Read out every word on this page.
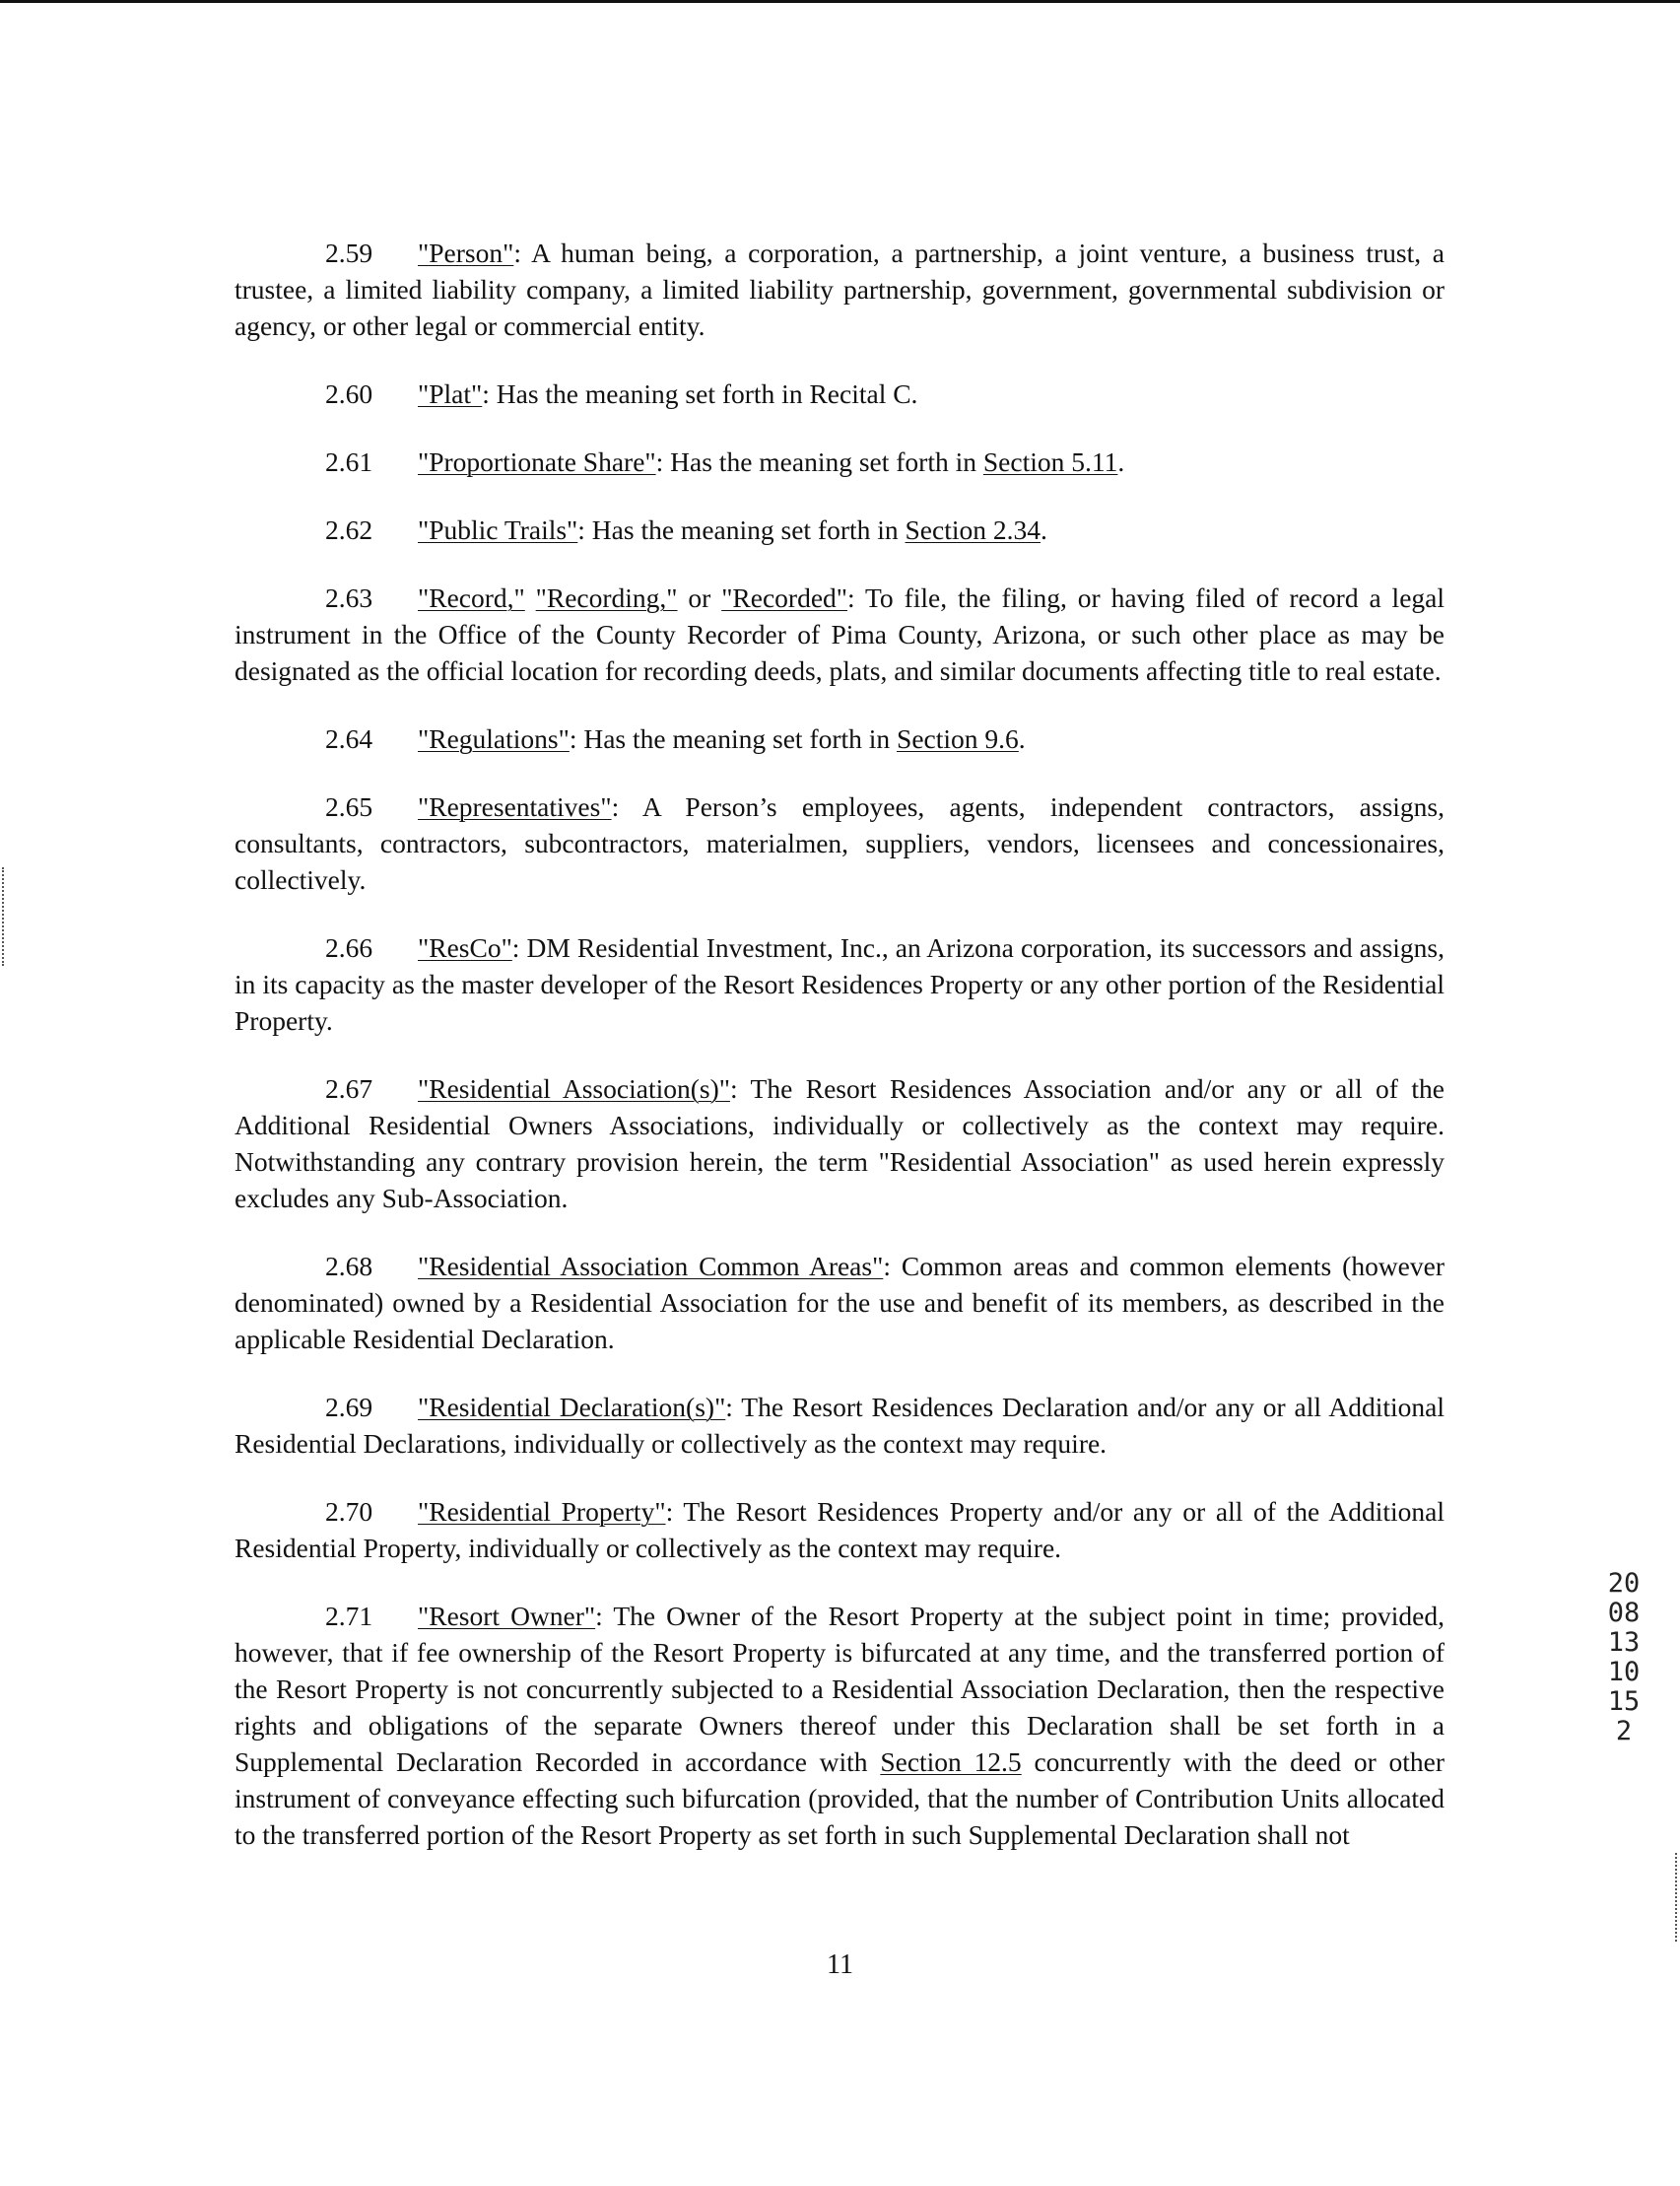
2.59 "Person": A human being, a corporation, a partnership, a joint venture, a business trust, a trustee, a limited liability company, a limited liability partnership, government, governmental subdivision or agency, or other legal or commercial entity.

2.60 "Plat": Has the meaning set forth in Recital C.

2.61 "Proportionate Share": Has the meaning set forth in Section 5.11.

2.62 "Public Trails": Has the meaning set forth in Section 2.34.

2.63 "Record," "Recording," or "Recorded": To file, the filing, or having filed of record a legal instrument in the Office of the County Recorder of Pima County, Arizona, or such other place as may be designated as the official location for recording deeds, plats, and similar documents affecting title to real estate.

2.64 "Regulations": Has the meaning set forth in Section 9.6.

2.65 "Representatives": A Person’s employees, agents, independent contractors, assigns, consultants, contractors, subcontractors, materialmen, suppliers, vendors, licensees and concessionaires, collectively.

2.66 "ResCo": DM Residential Investment, Inc., an Arizona corporation, its successors and assigns, in its capacity as the master developer of the Resort Residences Property or any other portion of the Residential Property.

2.67 "Residential Association(s)": The Resort Residences Association and/or any or all of the Additional Residential Owners Associations, individually or collectively as the context may require. Notwithstanding any contrary provision herein, the term "Residential Association" as used herein expressly excludes any Sub-Association.

2.68 "Residential Association Common Areas": Common areas and common elements (however denominated) owned by a Residential Association for the use and benefit of its members, as described in the applicable Residential Declaration.

2.69 "Residential Declaration(s)": The Resort Residences Declaration and/or any or all Additional Residential Declarations, individually or collectively as the context may require.

2.70 "Residential Property": The Resort Residences Property and/or any or all of the Additional Residential Property, individually or collectively as the context may require.

2.71 "Resort Owner": The Owner of the Resort Property at the subject point in time; provided, however, that if fee ownership of the Resort Property is bifurcated at any time, and the transferred portion of the Resort Property is not concurrently subjected to a Residential Association Declaration, then the respective rights and obligations of the separate Owners thereof under this Declaration shall be set forth in a Supplemental Declaration Recorded in accordance with Section 12.5 concurrently with the deed or other instrument of conveyance effecting such bifurcation (provided, that the number of Contribution Units allocated to the transferred portion of the Resort Property as set forth in such Supplemental Declaration shall not

11
20081310152
